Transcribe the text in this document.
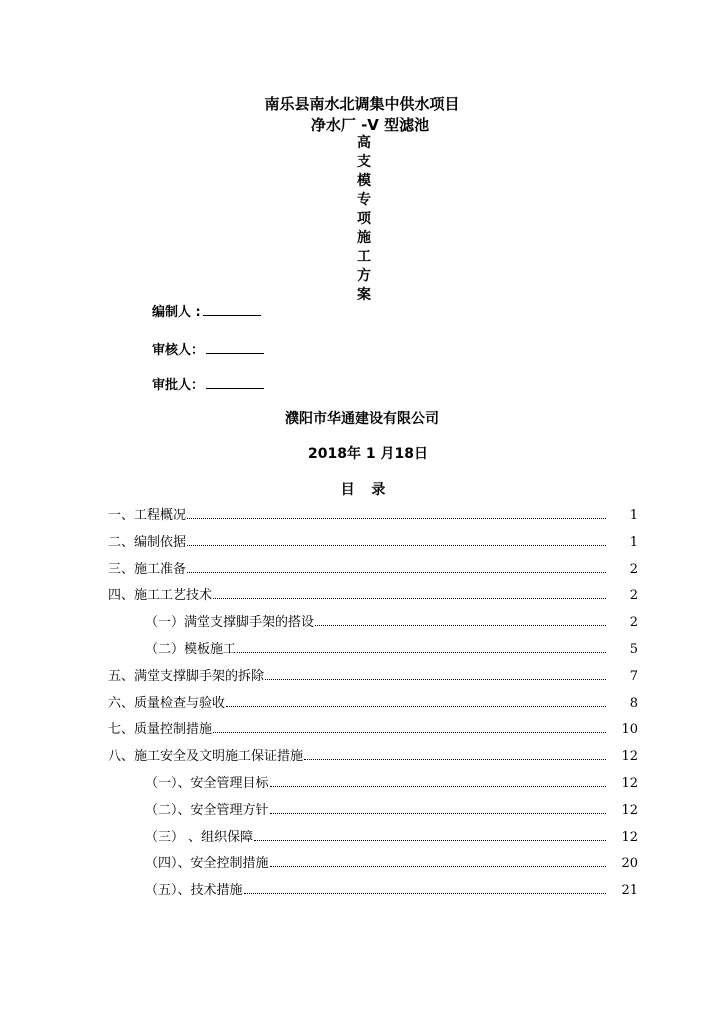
南乐县南水北调集中供水项目
净水厂 -V 型滤池
高
支
模
专
项
施
工
方
案
编制人 :
审核人：
审批人：
濮阳市华通建设有限公司
2018年 1 月18日
目 录
一、工程概况	1
二、编制依据	1
三、施工准备	2
四、施工工艺技术	2
（一）满堂支撑脚手架的搭设	2
（二）模板施工	5
五、满堂支撑脚手架的拆除	7
六、质量检查与验收	8
七、质量控制措施	10
八、施工安全及文明施工保证措施	12
（一）、安全管理目标	12
（二）、安全管理方针	12
（三） 、组织保障	12
（四）、安全控制措施	20
（五）、技术措施	21
